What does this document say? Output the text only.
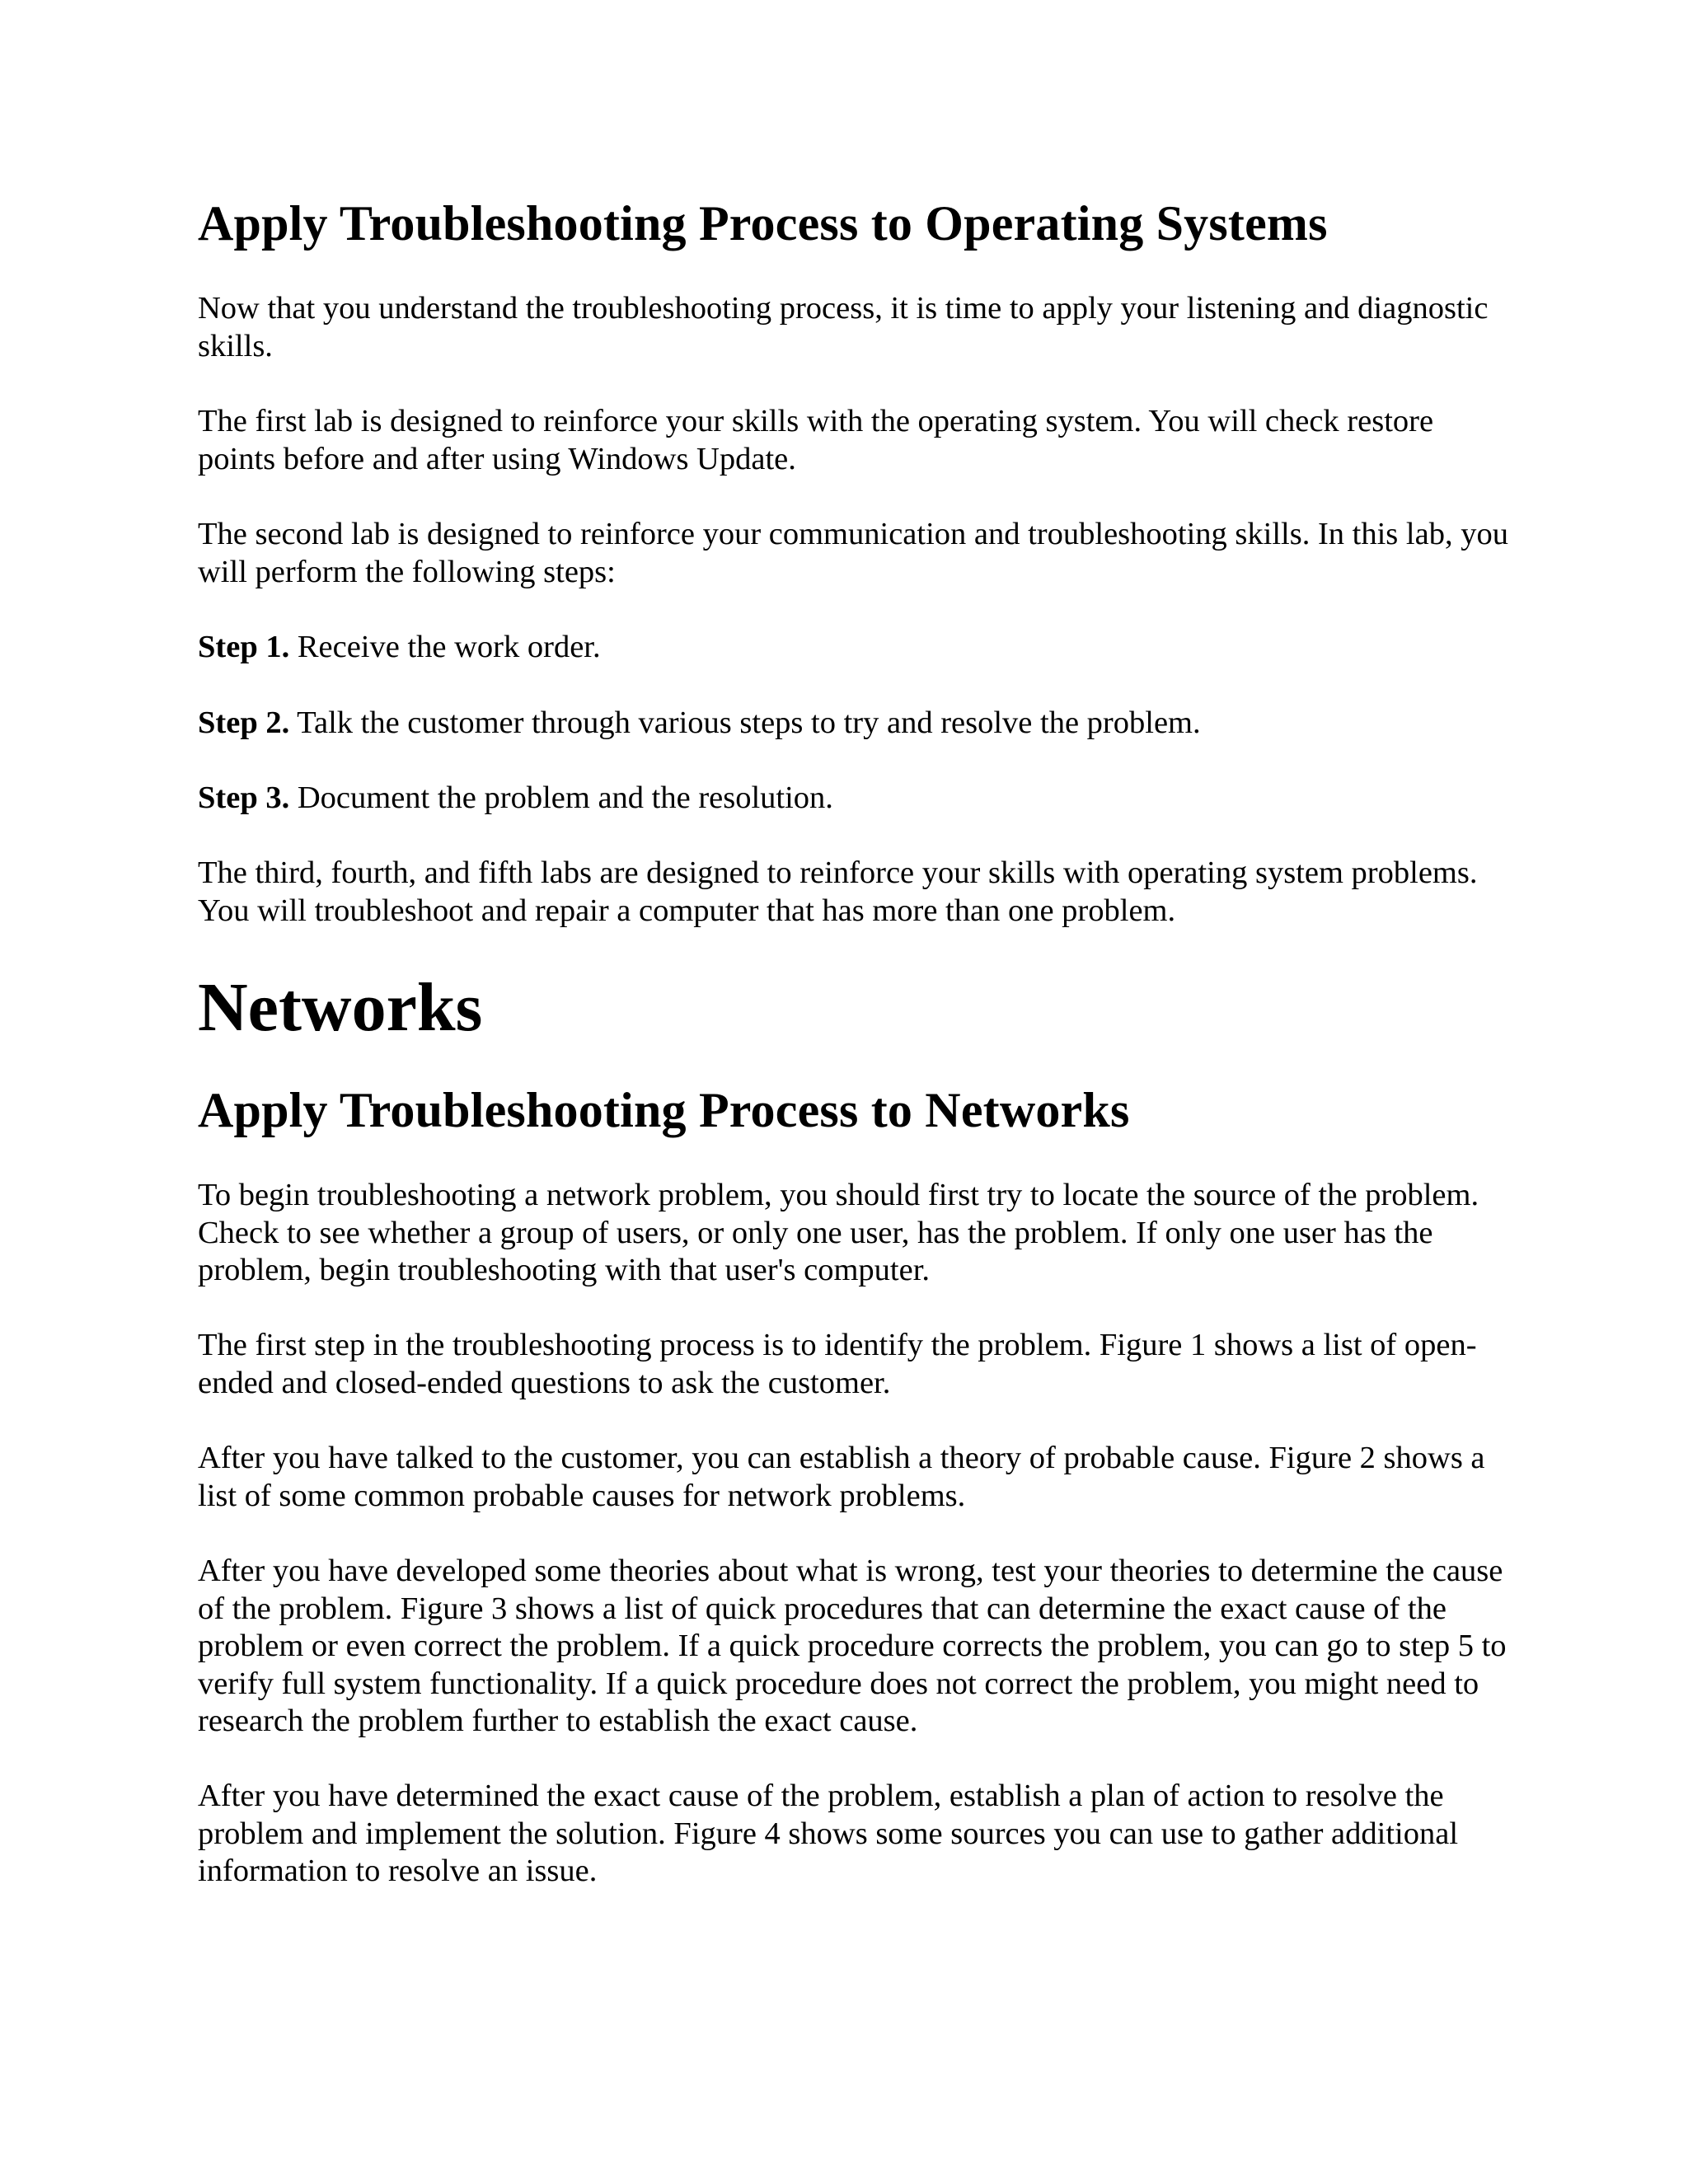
Apply Troubleshooting Process to Operating Systems

Now that you understand the troubleshooting process, it is time to apply your listening and diagnostic skills.

The first lab is designed to reinforce your skills with the operating system. You will check restore points before and after using Windows Update.

The second lab is designed to reinforce your communication and troubleshooting skills. In this lab, you will perform the following steps:

Step 1. Receive the work order.

Step 2. Talk the customer through various steps to try and resolve the problem.

Step 3. Document the problem and the resolution.

The third, fourth, and fifth labs are designed to reinforce your skills with operating system problems. You will troubleshoot and repair a computer that has more than one problem.

Networks
Apply Troubleshooting Process to Networks

To begin troubleshooting a network problem, you should first try to locate the source of the problem. Check to see whether a group of users, or only one user, has the problem. If only one user has the problem, begin troubleshooting with that user's computer.

The first step in the troubleshooting process is to identify the problem. Figure 1 shows a list of open-ended and closed-ended questions to ask the customer.

After you have talked to the customer, you can establish a theory of probable cause. Figure 2 shows a list of some common probable causes for network problems.

After you have developed some theories about what is wrong, test your theories to determine the cause of the problem. Figure 3 shows a list of quick procedures that can determine the exact cause of the problem or even correct the problem. If a quick procedure corrects the problem, you can go to step 5 to verify full system functionality. If a quick procedure does not correct the problem, you might need to research the problem further to establish the exact cause.

After you have determined the exact cause of the problem, establish a plan of action to resolve the problem and implement the solution. Figure 4 shows some sources you can use to gather additional information to resolve an issue.
